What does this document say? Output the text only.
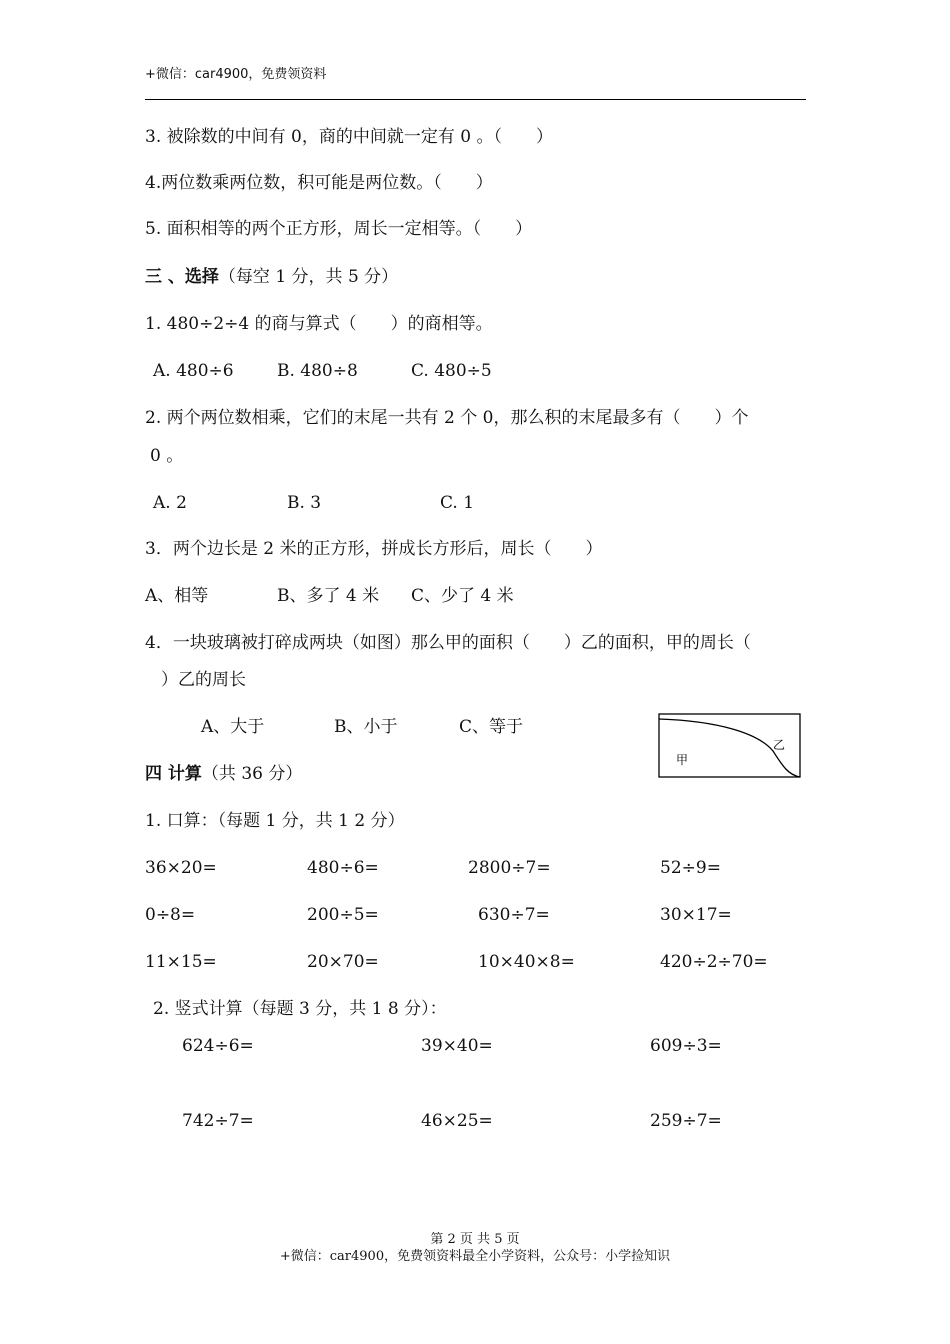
+微信：car4900，免费领资料
3. 被除数的中间有 0，商的中间就一定有 0 。（　　）
4.两位数乘两位数，积可能是两位数。（　　）
5. 面积相等的两个正方形，周长一定相等。（　　）
三 、选择（每空 1 分，共 5 分）
1. 480÷2÷4 的商与算式（　　）的商相等。
A. 480÷6	B. 480÷8	C. 480÷5
2. 两个两位数相乘，它们的末尾一共有 2 个 0，那么积的末尾最多有（　　）个
0 。
A. 2	B. 3	C. 1
3．两个边长是 2 米的正方形，拼成长方形后，周长（　　）
A、相等	B、多了 4 米 C、少了 4 米
4．一块玻璃被打碎成两块（如图）那么甲的面积（　　）乙的面积，甲的周长（
）乙的周长
A、大于	B、小于	C、等于
甲
乙
四 计算（共 36 分）
1. 口算：（每题 1 分，共 1 2 分）
36×20=	480÷6=	2800÷7=	52÷9=
0÷8=	200÷5=	630÷7=	30×17=
11×15=	20×70=	10×40×8=	420÷2÷70=
2. 竖式计算（每题 3 分，共 1 8 分）：
624÷6=	39×40=	609÷3=
742÷7=	46×25=	259÷7=
第 2 页 共 5 页
+微信：car4900，免费领资料最全小学资料，公众号：小学捡知识
